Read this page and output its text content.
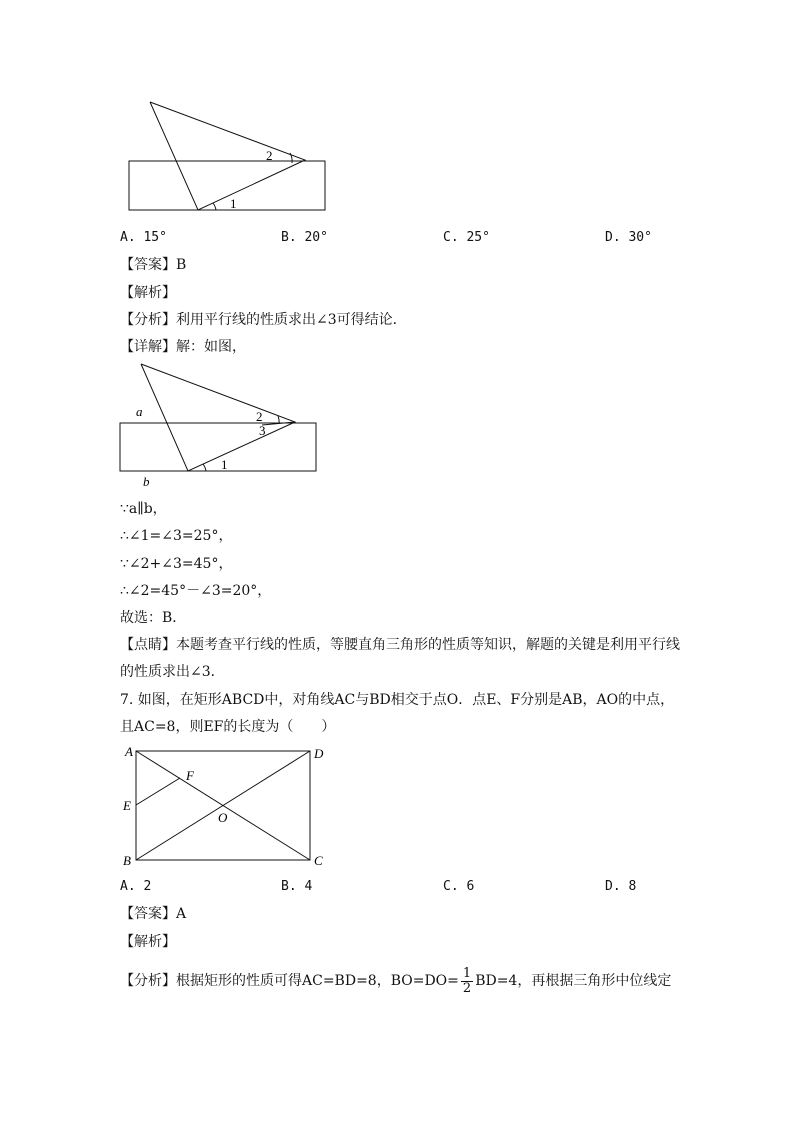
2
1
A. 15°	B. 20°	C. 25°	D. 30°
【答案】B
【解析】
【分析】利用平行线的性质求出∠3可得结论．
【详解】解：如图，
a
b
2
3
1
∵a∥b，
∴∠1=∠3=25°，
∵∠2+∠3=45°，
∴∠2=45°－∠3=20°，
故选：B．
【点睛】本题考查平行线的性质，等腰直角三角形的性质等知识，解题的关键是利用平行线
的性质求出∠3．
7. 如图，在矩形ABCD中，对角线AC与BD相交于点O．点E、F分别是AB，AO的中点，
且AC=8，则EF的长度为（　　）
A	D
B	C
E
F
O
A. 2	B. 4	C. 6	D. 8
【答案】A
【解析】
【分析】根据矩形的性质可得AC=BD=8，$BO=DO= \frac{1}{2} BD=4$，再根据三角形中位线定
